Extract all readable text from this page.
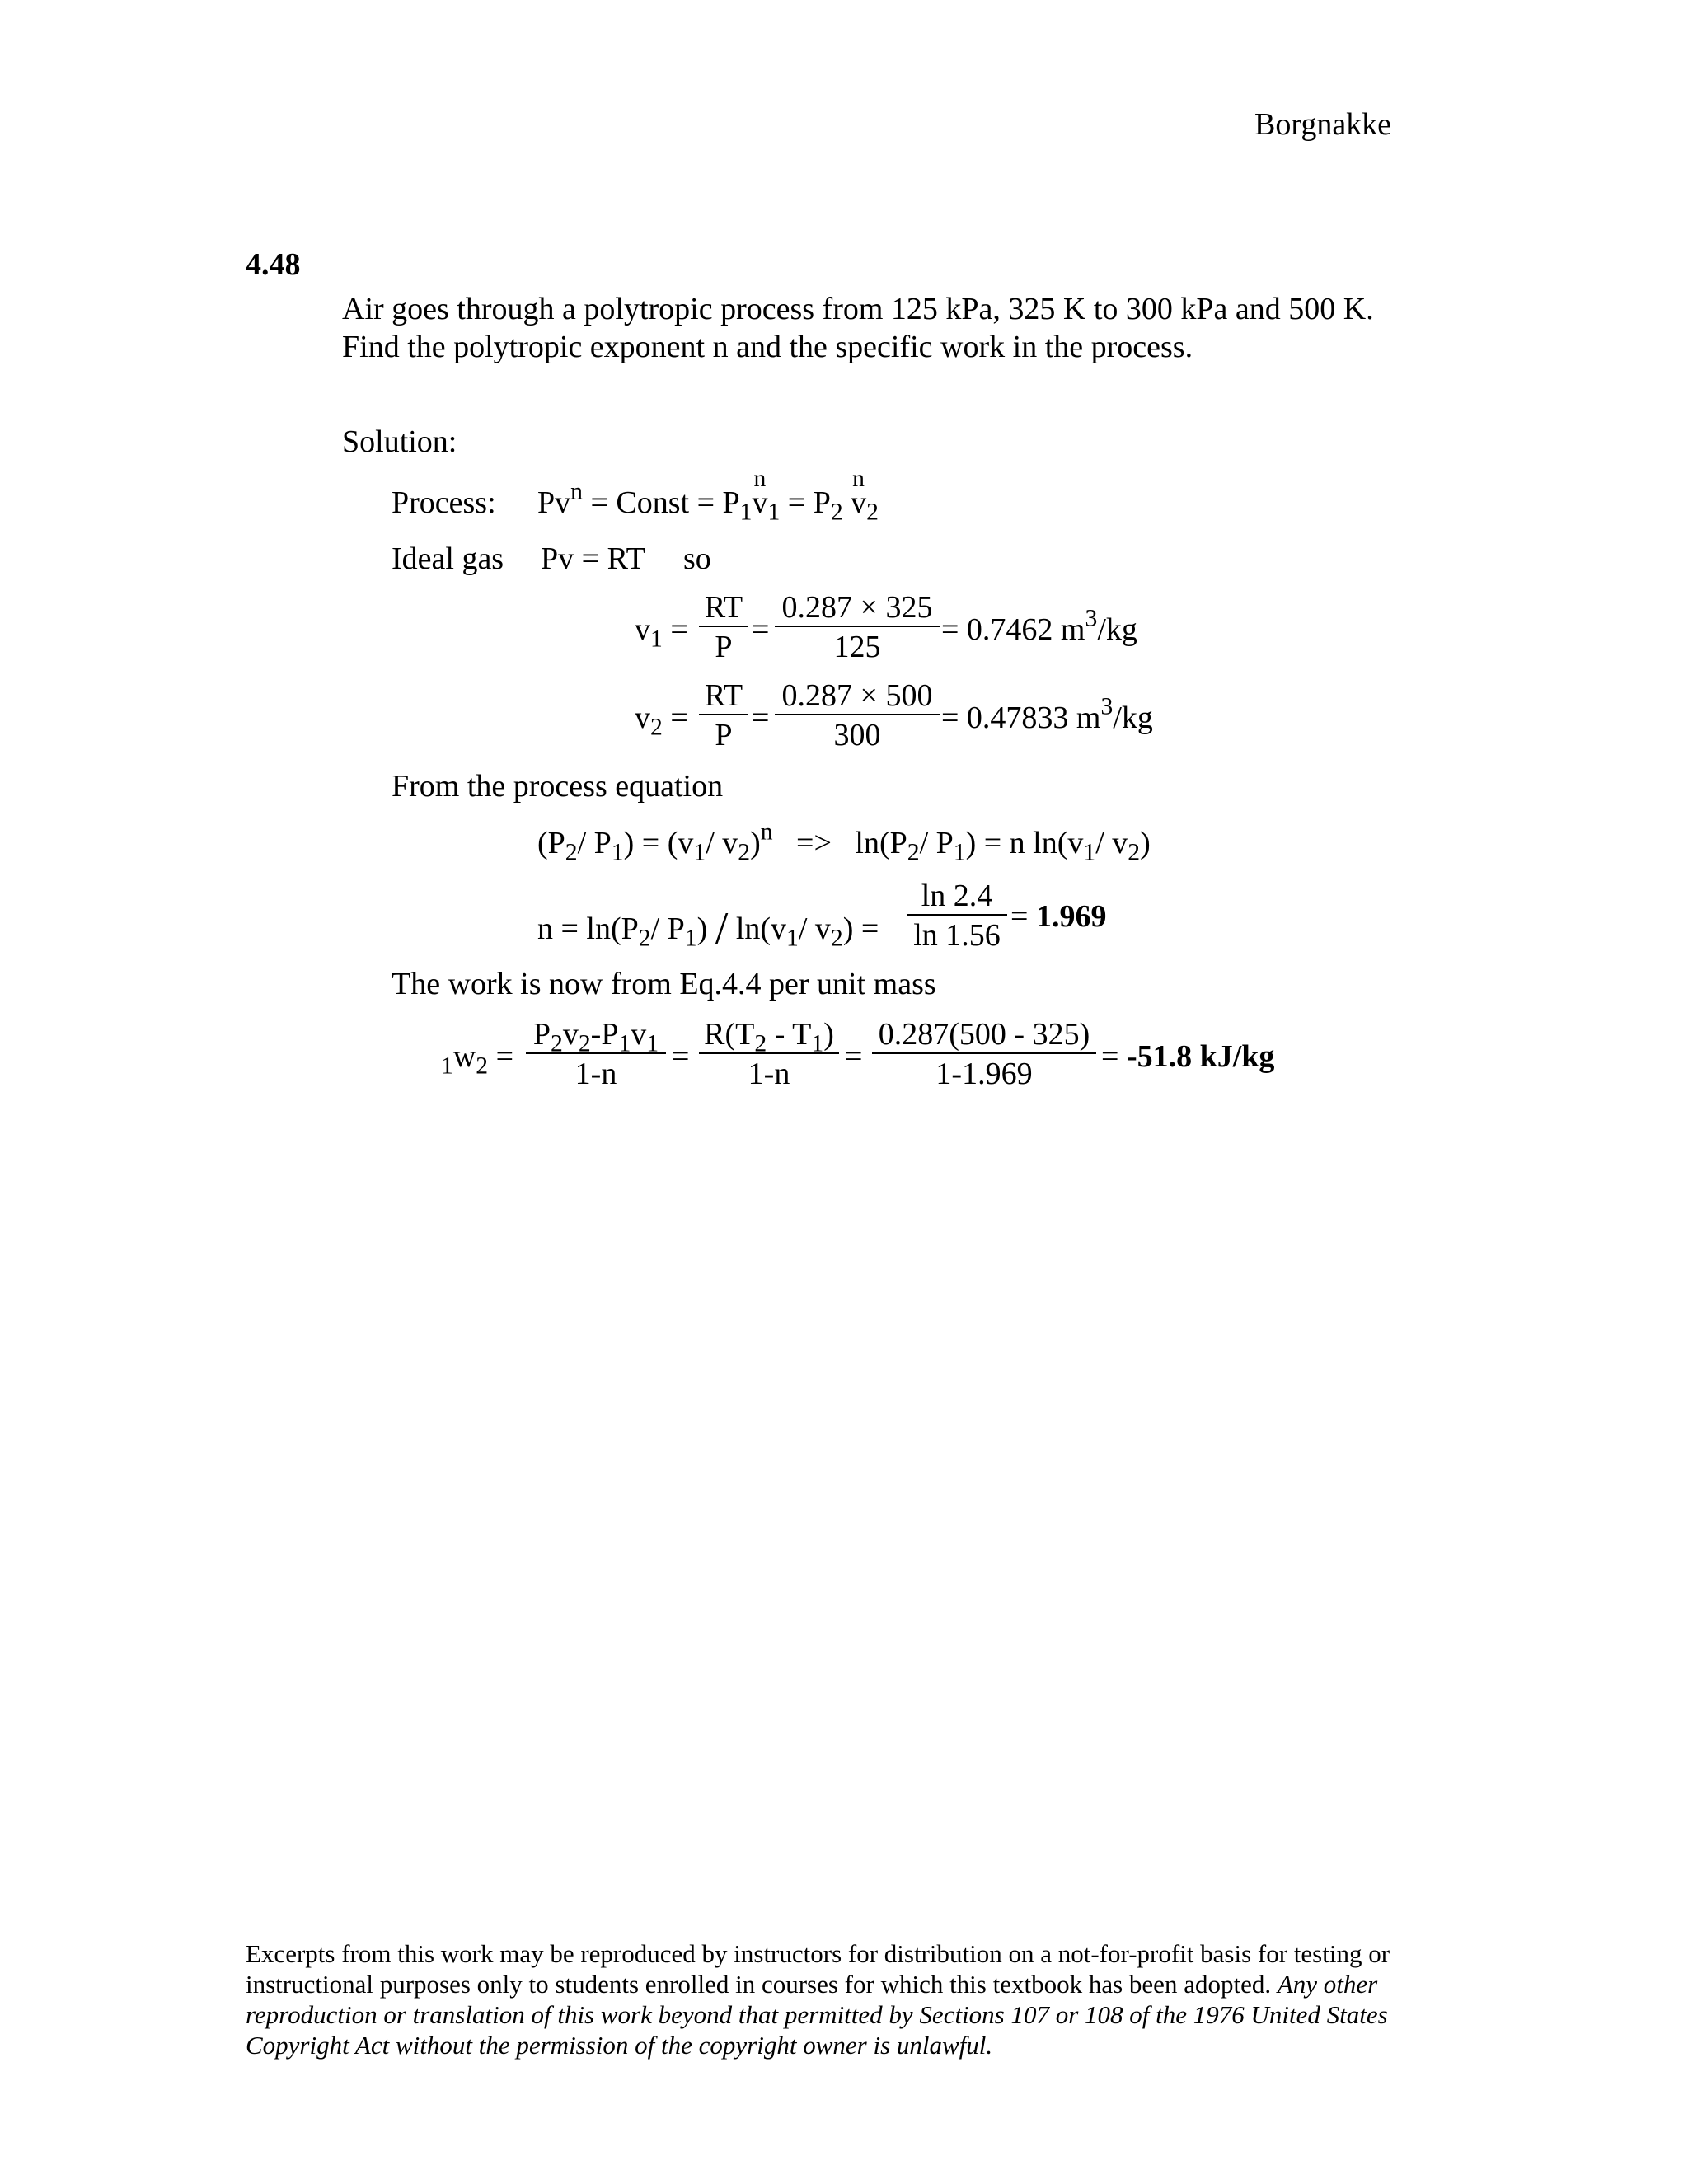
Borgnakke
4.48
Air goes through a polytropic process from 125 kPa, 325 K to 300 kPa and 500 K.
Find the polytropic exponent n and the specific work in the process.
Solution:
Process: $Pv^n$ = Const = $P_1v$
n
$_1 = P_2$ v
n
$_2$
Ideal gas Pv = RT so
$v_1$ =
RT
P =
0.287 × 325
125	= 0.7462 $m^3/kg$
$v_2$ =
RT
P =
0.287 × 500
300	= 0.47833 $m^3/kg$
From the process equation
($P_2/$ $P_1) = (v_1/$ $v_2)^n => \ln(P_2/$ $P_1) = n$ $\ln(v_1/$ $v_2$)
$n = \ln(P_2/$ $P_1) / \ln(v_1/$ $v_2$) =
ln 2.4
ln 1.56
= 1.969
The work is now from Eq.4.4 per unit mass
$_1w_2$ =
$P_2v_2-P_1v_1$
1-n	=
$R(T_2 - T_1)$
1-n	=
0.287(500 - 325)
1-1.969	= -51.8 kJ/kg
Excerpts from this work may be reproduced by instructors for distribution on a not-for-profit basis for testing or instructional purposes only to students enrolled in courses for which this textbook has been adopted. Any other reproduction or translation of this work beyond that permitted by Sections 107 or 108 of the 1976 United States Copyright Act without the permission of the copyright owner is unlawful.
